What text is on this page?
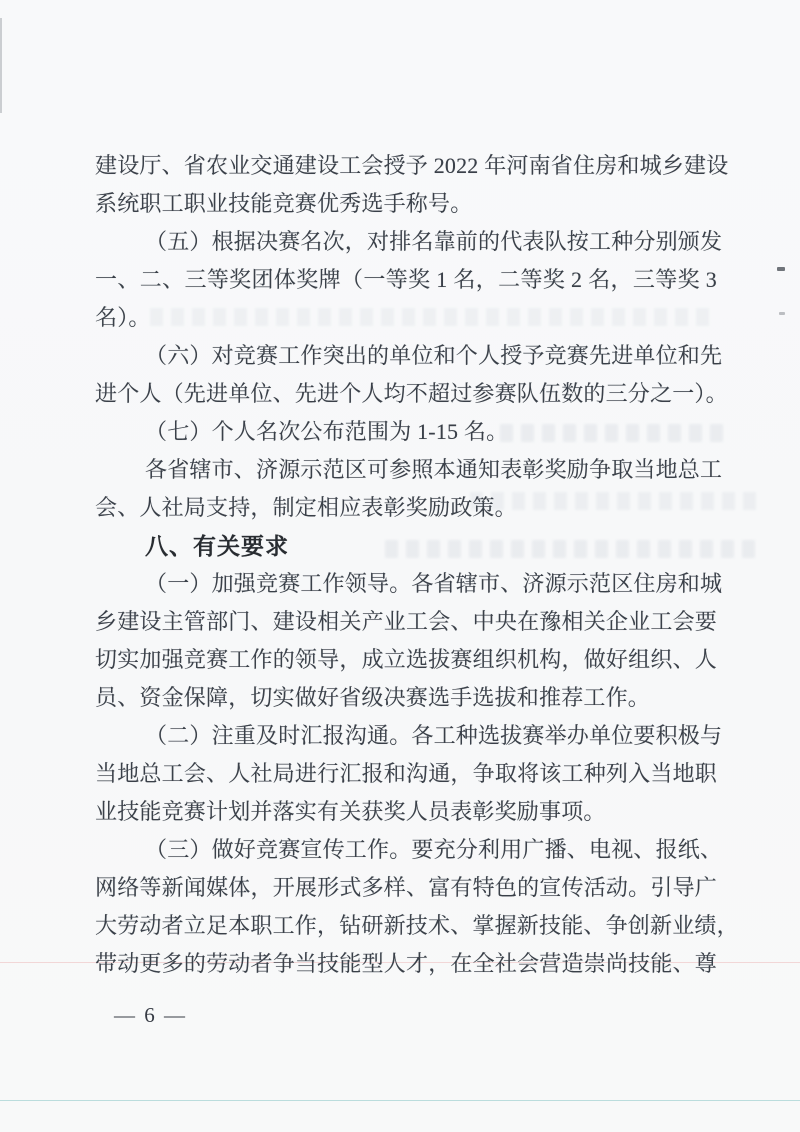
建设厅、省农业交通建设工会授予 2022 年河南省住房和城乡建设
系统职工职业技能竞赛优秀选手称号。
（五）根据决赛名次，对排名靠前的代表队按工种分别颁发
一、二、三等奖团体奖牌（一等奖 1 名，二等奖 2 名，三等奖 3
名）。
（六）对竞赛工作突出的单位和个人授予竞赛先进单位和先
进个人（先进单位、先进个人均不超过参赛队伍数的三分之一）。
（七）个人名次公布范围为 1-15 名。
各省辖市、济源示范区可参照本通知表彰奖励争取当地总工
会、人社局支持，制定相应表彰奖励政策。
八、有关要求
（一）加强竞赛工作领导。各省辖市、济源示范区住房和城
乡建设主管部门、建设相关产业工会、中央在豫相关企业工会要
切实加强竞赛工作的领导，成立选拔赛组织机构，做好组织、人
员、资金保障，切实做好省级决赛选手选拔和推荐工作。
（二）注重及时汇报沟通。各工种选拔赛举办单位要积极与
当地总工会、人社局进行汇报和沟通，争取将该工种列入当地职
业技能竞赛计划并落实有关获奖人员表彰奖励事项。
（三）做好竞赛宣传工作。要充分利用广播、电视、报纸、
网络等新闻媒体，开展形式多样、富有特色的宣传活动。引导广
大劳动者立足本职工作，钻研新技术、掌握新技能、争创新业绩，
带动更多的劳动者争当技能型人才，在全社会营造崇尚技能、尊
— 6 —
